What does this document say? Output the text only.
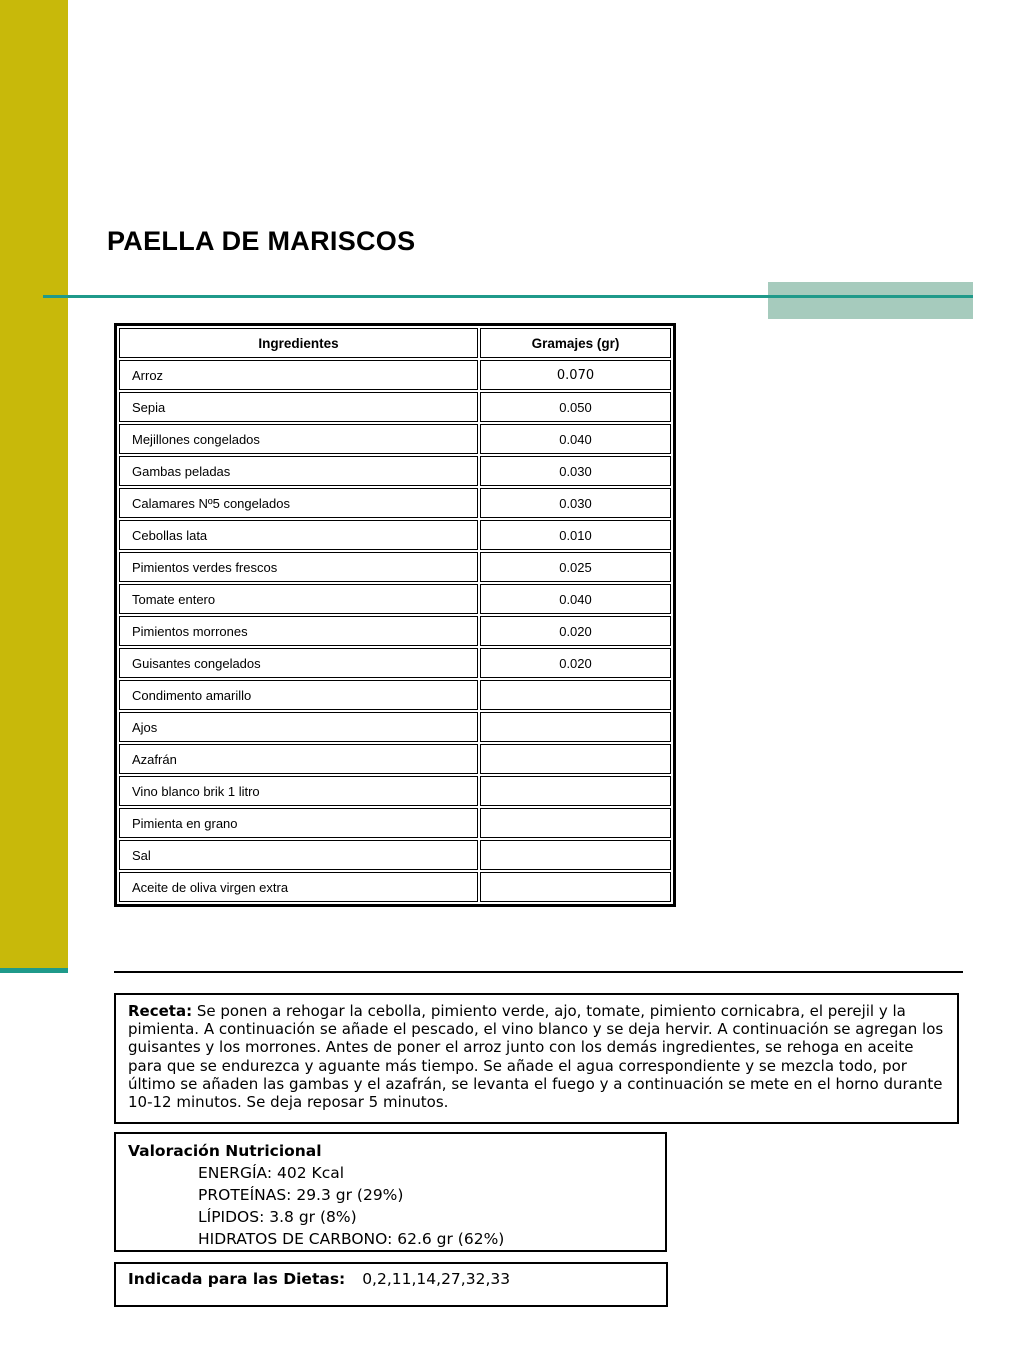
PAELLA DE MARISCOS
Ingredientes	Gramajes (gr)
Arroz	0.070
Sepia	0.050
Mejillones congelados	0.040
Gambas peladas	0.030
Calamares Nº5 congelados	0.030
Cebollas lata	0.010
Pimientos verdes frescos	0.025
Tomate entero	0.040
Pimientos morrones	0.020
Guisantes congelados	0.020
Condimento amarillo	
Ajos	
Azafrán	
Vino blanco brik 1 litro	
Pimienta en grano	
Sal	
Aceite de oliva virgen extra	
Receta: Se ponen a rehogar la cebolla, pimiento verde, ajo, tomate, pimiento cornicabra, el perejil y la pimienta. A continuación se añade el pescado, el vino blanco y se deja hervir. A continuación se agregan los guisantes y los morrones. Antes de poner el arroz junto con los demás ingredientes, se rehoga en aceite para que se endurezca y aguante más tiempo. Se añade el agua correspondiente y se mezcla todo, por último se añaden las gambas y el azafrán, se levanta el fuego y a continuación se mete en el horno durante 10-12 minutos. Se deja reposar 5 minutos.
Valoración Nutricional
ENERGÍA: 402 Kcal
PROTEÍNAS: 29.3 gr (29%)
LÍPIDOS: 3.8 gr (8%)
HIDRATOS DE CARBONO: 62.6 gr (62%)
Indicada para las Dietas: 0,2,11,14,27,32,33
